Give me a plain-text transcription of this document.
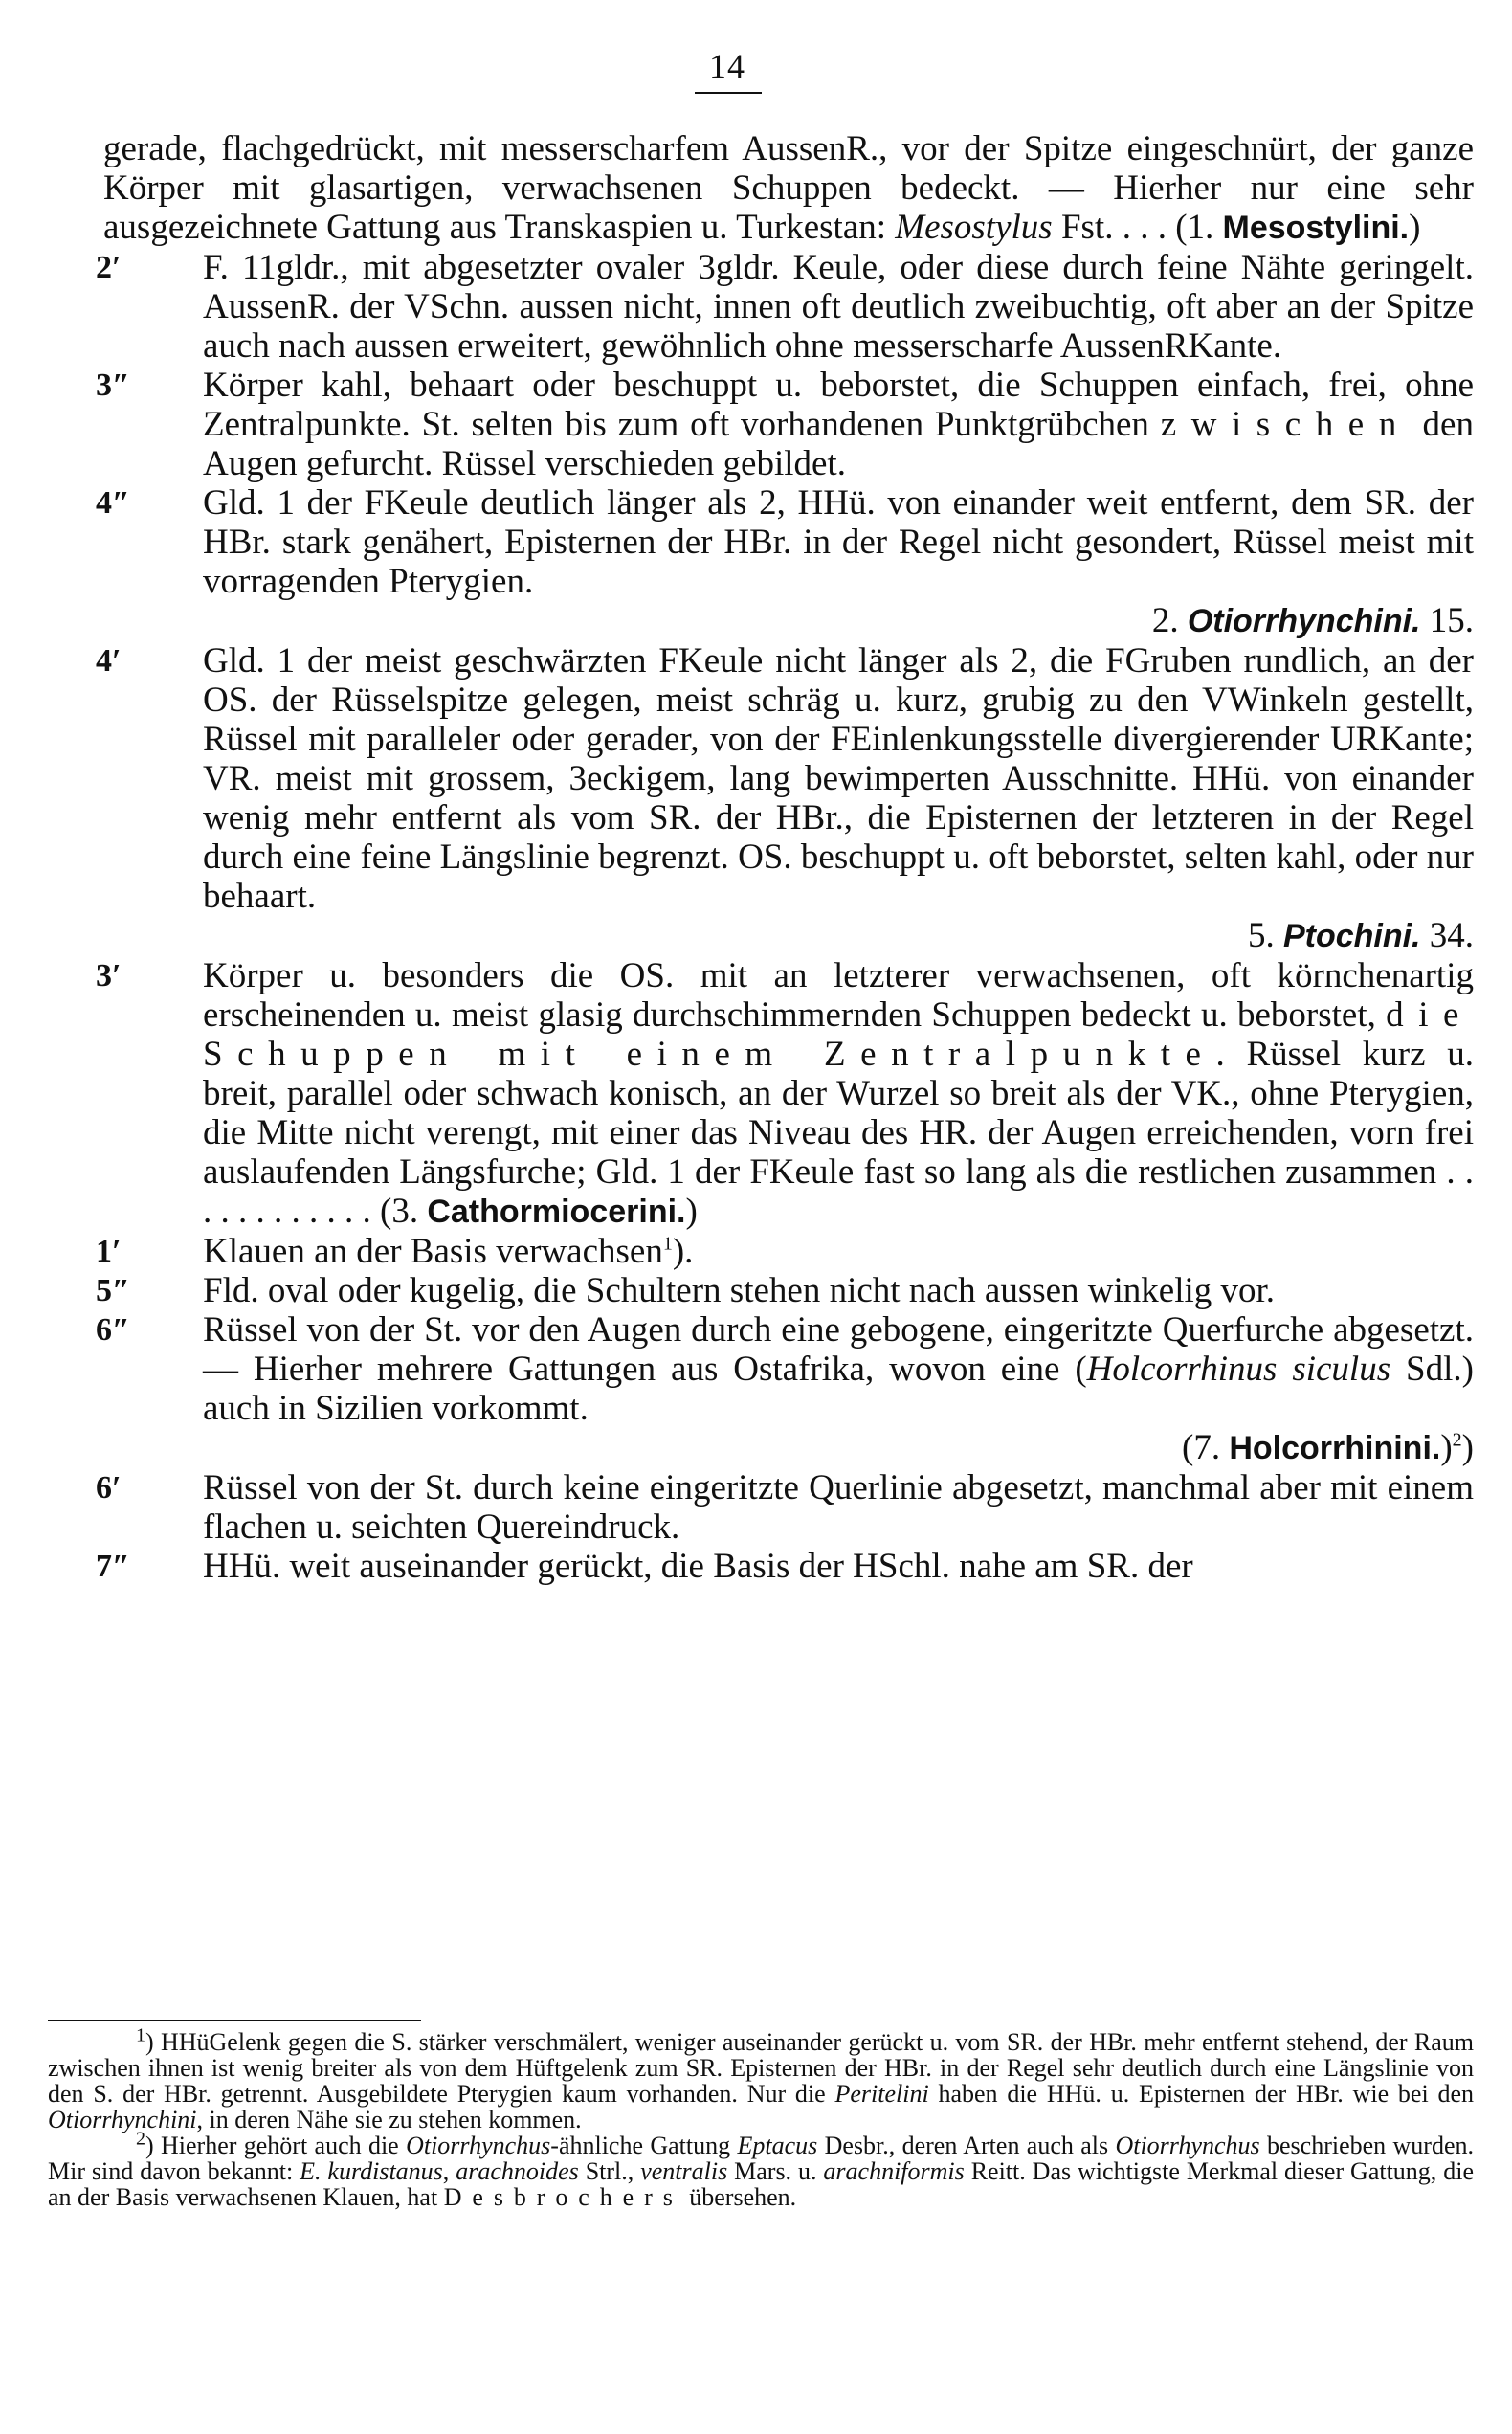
14
gerade, flachgedrückt, mit messerscharfem AussenR., vor der Spitze eingeschnürt, der ganze Körper mit glasartigen, verwachsenen Schuppen bedeckt. — Hierher nur eine sehr ausgezeichnete Gattung aus Transkaspien u. Turkestan: Mesostylus Fst. . . . (1. Mesostylini.)
2′ F. 11gldr., mit abgesetzter ovaler 3gldr. Keule, oder diese durch feine Nähte geringelt. AussenR. der VSchn. aussen nicht, innen oft deutlich zweibuchtig, oft aber an der Spitze auch nach aussen erweitert, gewöhnlich ohne messerscharfe AussenRKante.
3″ Körper kahl, behaart oder beschuppt u. beborstet, die Schuppen einfach, frei, ohne Zentralpunkte. St. selten bis zum oft vorhandenen Punktgrübchen zwischen den Augen gefurcht. Rüssel verschieden gebildet.
4″ Gld. 1 der FKeule deutlich länger als 2, HHü. von einander weit entfernt, dem SR. der HBr. stark genähert, Episternen der HBr. in der Regel nicht gesondert, Rüssel meist mit vorragenden Pterygien.
2. Otiorrhynchini. 15.
4′ Gld. 1 der meist geschwärzten FKeule nicht länger als 2, die FGruben rundlich, an der OS. der Rüsselspitze gelegen, meist schräg u. kurz, grubig zu den VWinkeln gestellt, Rüssel mit paralleler oder gerader, von der FEinlenkungsstelle divergierender URKante; VR. meist mit grossem, 3eckigem, lang bewimperten Ausschnitte. HHü. von einander wenig mehr entfernt als vom SR. der HBr., die Episternen der letzteren in der Regel durch eine feine Längslinie begrenzt. OS. beschuppt u. oft beborstet, selten kahl, oder nur behaart.
5. Ptochini. 34.
3′ Körper u. besonders die OS. mit an letzterer verwachsenen, oft körnchenartig erscheinenden u. meist glasig durchschimmernden Schuppen bedeckt u. beborstet, die Schuppen mit einem Zentralpunkte. Rüssel kurz u. breit, parallel oder schwach konisch, an der Wurzel so breit als der VK., ohne Pterygien, die Mitte nicht verengt, mit einer das Niveau des HR. der Augen erreichenden, vorn frei auslaufenden Längsfurche; Gld. 1 der FKeule fast so lang als die restlichen zusammen . . . . . . . . . . . . (3. Cathormiocerini.)
1′ Klauen an der Basis verwachsen$^1$).
5″ Fld. oval oder kugelig, die Schultern stehen nicht nach aussen winkelig vor.
6″ Rüssel von der St. vor den Augen durch eine gebogene, eingeritzte Querfurche abgesetzt. — Hierher mehrere Gattungen aus Ostafrika, wovon eine (Holcorrhinus siculus Sdl.) auch in Sizilien vorkommt.
(7. Holcorrhinini.)$^2$)
6′ Rüssel von der St. durch keine eingeritzte Querlinie abgesetzt, manchmal aber mit einem flachen u. seichten Quereindruck.
7″ HHü. weit auseinander gerückt, die Basis der HSchl. nahe am SR. der

$^1$) HHüGelenk gegen die S. stärker verschmälert, weniger auseinander gerückt u. vom SR. der HBr. mehr entfernt stehend, der Raum zwischen ihnen ist wenig breiter als von dem Hüftgelenk zum SR. Episternen der HBr. in der Regel sehr deutlich durch eine Längslinie von den S. der HBr. getrennt. Ausgebildete Pterygien kaum vorhanden. Nur die Peritelini haben die HHü. u. Episternen der HBr. wie bei den Otiorrhynchini, in deren Nähe sie zu stehen kommen.

$^2$) Hierher gehört auch die Otiorrhynchus-ähnliche Gattung Eptacus Desbr., deren Arten auch als Otiorrhynchus beschrieben wurden. Mir sind davon bekannt: E. kurdistanus, arachnoides Strl., ventralis Mars. u. arachniformis Reitt. Das wichtigste Merkmal dieser Gattung, die an der Basis verwachsenen Klauen, hat Desbrochers übersehen.
